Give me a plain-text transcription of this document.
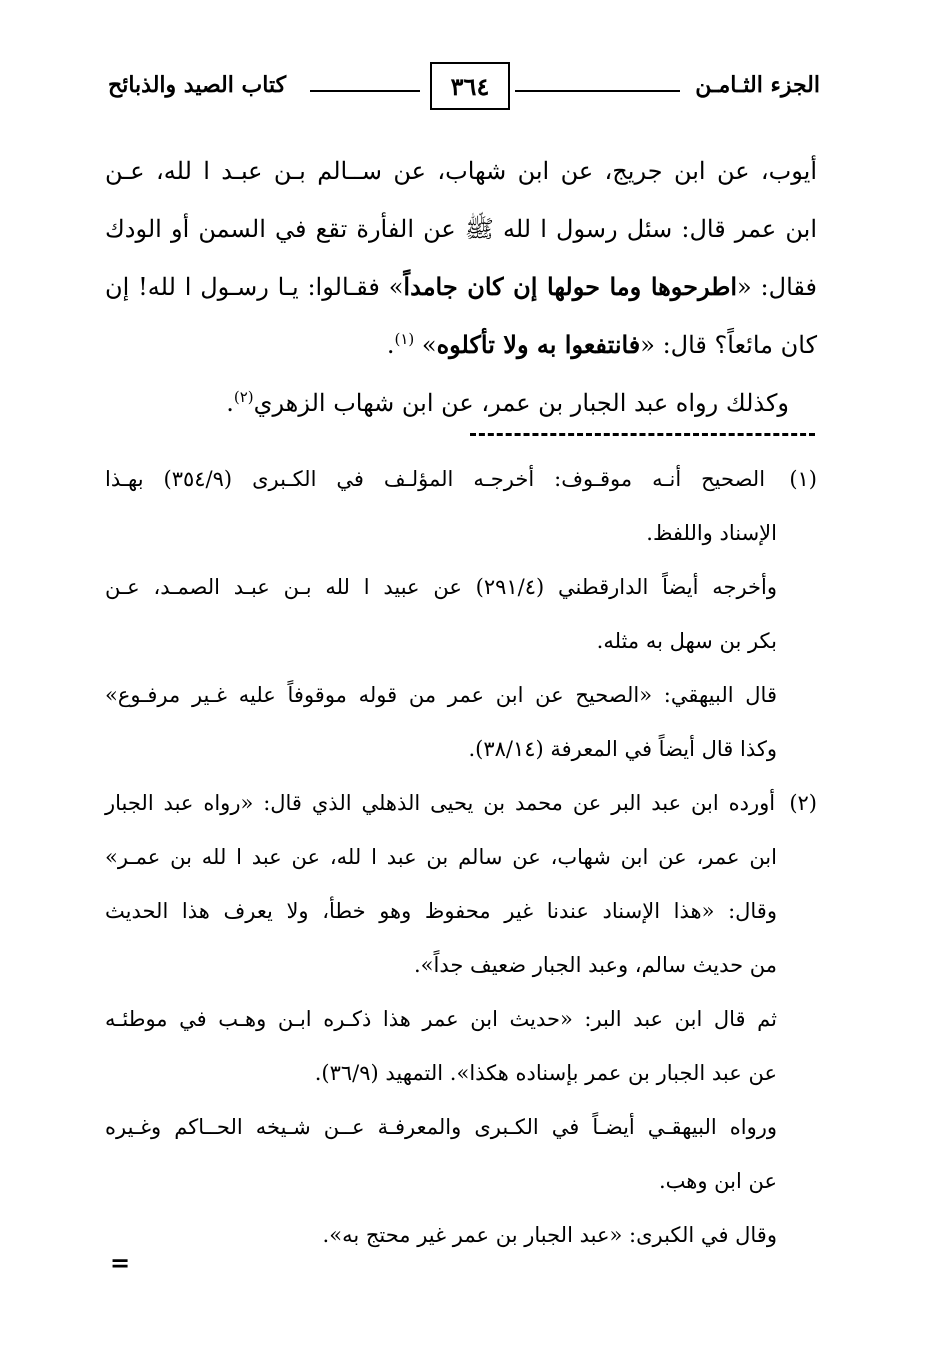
الجزء الثـامـن
٣٦٤
كتاب الصيد والذبائح
أيوب، عن ابن جريج، عن ابن شهاب، عن ســالم بـن عبـد ا لله، عـن
ابن عمر قال: سئل رسول ا لله ﷺ عن الفأرة تقع في السمن أو الودك
فقال: «اطرحوها وما حولها إن كان جامداً» فقـالوا: يـا رسـول ا لله! إن
كان مائعاً؟ قال: «فانتفعوا به ولا تأكلوه» $^{(١)}$.
وكذلك رواه عبد الجبار بن عمر، عن ابن شهاب الزهري$^{(٢)}$.
(١) الصحيح أنـه موقـوف: أخرجـه المؤلـف في الكـبرى (٣٥٤/٩) بهـذا
الإسناد واللفظ.
وأخرجه أيضاً الدارقطني (٢٩١/٤) عن عبيد ا لله بـن عبـد الصمـد، عـن
بكر بن سهل به مثله.
قال البيهقي: «الصحيح عن ابن عمر من قوله موقوفاً عليه غـير مرفـوع»
وكذا قال أيضاً في المعرفة (٣٨/١٤).
(٢) أورده ابن عبد البر عن محمد بن يحيى الذهلي الذي قال: «رواه عبد الجبار
ابن عمر، عن ابن شهاب، عن سالم بن عبد ا لله، عن عبد ا لله بن عمـر»
وقال: «هذا الإسناد عندنا غير محفوظ وهو خطأ، ولا يعرف هذا الحديث
من حديث سالم، وعبد الجبار ضعيف جداً».
ثم قال ابن عبد البر: «حديث ابن عمر هذا ذكـره ابـن وهـب في موطئـه
عن عبد الجبار بن عمر بإسناده هكذا». التمهيد (٣٦/٩).
ورواه البيهقـي أيضـاً في الكـبرى والمعرفـة عــن شـيخه الحــاكم وغـيره
عن ابن وهب.
وقال في الكبرى: «عبد الجبار بن عمر غير محتج به».
=
